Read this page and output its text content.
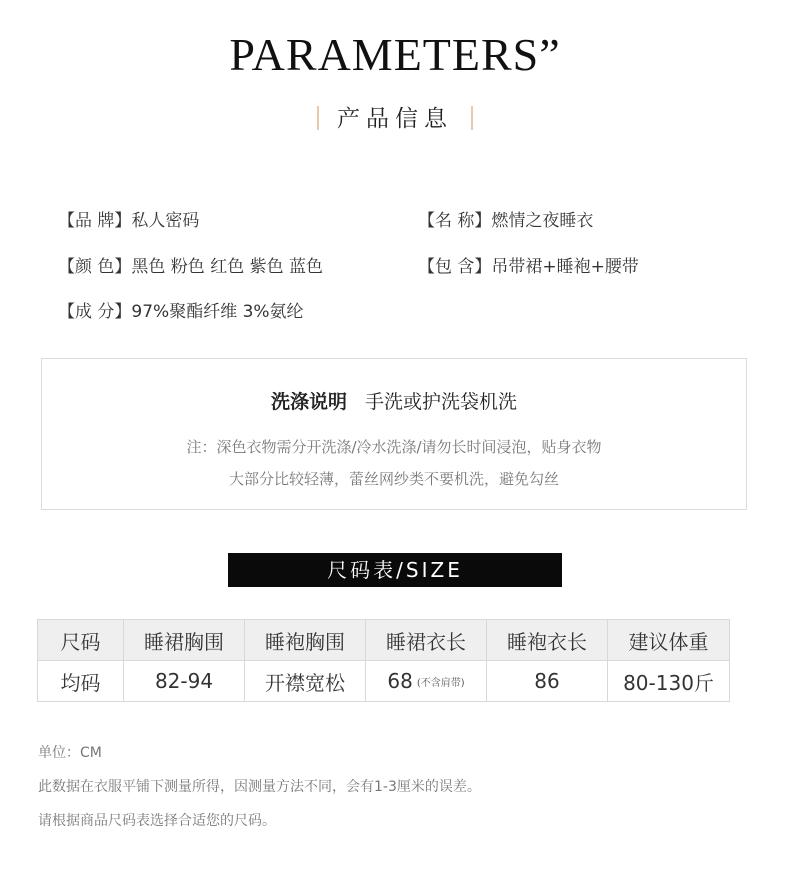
PARAMETERS”
产品信息
【品 牌】私人密码	【名 称】燃情之夜睡衣
【颜 色】黑色 粉色 红色 紫色 蓝色	【包 含】吊带裙+睡袍+腰带
【成 分】97%聚酯纤维 3%氨纶
洗涤说明 手洗或护洗袋机洗
注：深色衣物需分开洗涤/冷水洗涤/请勿长时间浸泡，贴身衣物
大部分比较轻薄，蕾丝网纱类不要机洗，避免勾丝
尺码表/SIZE
尺码	睡裙胸围	睡袍胸围	睡裙衣长	睡袍衣长	建议体重
均码	82-94	开襟宽松	68 (不含肩带)	86	80-130斤
单位：CM
此数据在衣服平铺下测量所得，因测量方法不同，会有1-3厘米的误差。
请根据商品尺码表选择合适您的尺码。
